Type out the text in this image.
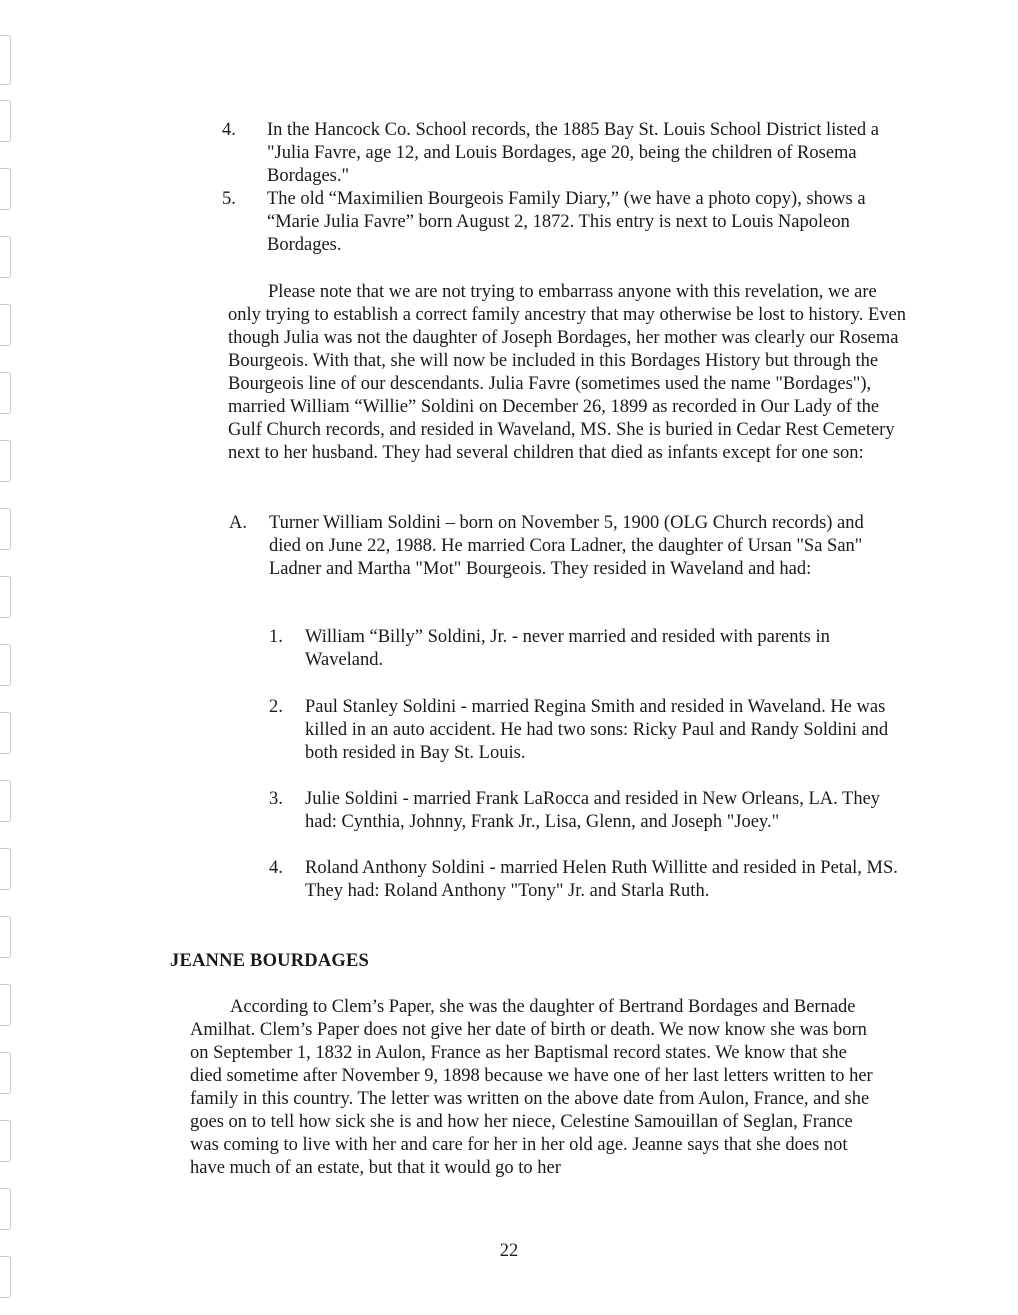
4. In the Hancock Co. School records, the 1885 Bay St. Louis School District listed a "Julia Favre, age 12, and Louis Bordages, age 20, being the children of Rosema Bordages."
5. The old “Maximilien Bourgeois Family Diary,” (we have a photo copy), shows a “Marie Julia Favre” born August 2, 1872. This entry is next to Louis Napoleon Bordages.

Please note that we are not trying to embarrass anyone with this revelation, we are only trying to establish a correct family ancestry that may otherwise be lost to history. Even though Julia was not the daughter of Joseph Bordages, her mother was clearly our Rosema Bourgeois. With that, she will now be included in this Bordages History but through the Bourgeois line of our descendants. Julia Favre (sometimes used the name "Bordages"), married William “Willie” Soldini on December 26, 1899 as recorded in Our Lady of the Gulf Church records, and resided in Waveland, MS. She is buried in Cedar Rest Cemetery next to her husband. They had several children that died as infants except for one son:

A. Turner William Soldini – born on November 5, 1900 (OLG Church records) and died on June 22, 1988. He married Cora Ladner, the daughter of Ursan "Sa San" Ladner and Martha "Mot" Bourgeois. They resided in Waveland and had:
1. William “Billy” Soldini, Jr. - never married and resided with parents in Waveland.
2. Paul Stanley Soldini - married Regina Smith and resided in Waveland. He was killed in an auto accident. He had two sons: Ricky Paul and Randy Soldini and both resided in Bay St. Louis.
3. Julie Soldini - married Frank LaRocca and resided in New Orleans, LA. They had: Cynthia, Johnny, Frank Jr., Lisa, Glenn, and Joseph "Joey."
4. Roland Anthony Soldini - married Helen Ruth Willitte and resided in Petal, MS. They had: Roland Anthony "Tony" Jr. and Starla Ruth.
JEANNE BOURDAGES

According to Clem’s Paper, she was the daughter of Bertrand Bordages and Bernade Amilhat. Clem’s Paper does not give her date of birth or death. We now know she was born on September 1, 1832 in Aulon, France as her Baptismal record states. We know that she died sometime after November 9, 1898 because we have one of her last letters written to her family in this country. The letter was written on the above date from Aulon, France, and she goes on to tell how sick she is and how her niece, Celestine Samouillan of Seglan, France was coming to live with her and care for her in her old age. Jeanne says that she does not have much of an estate, but that it would go to her

22
